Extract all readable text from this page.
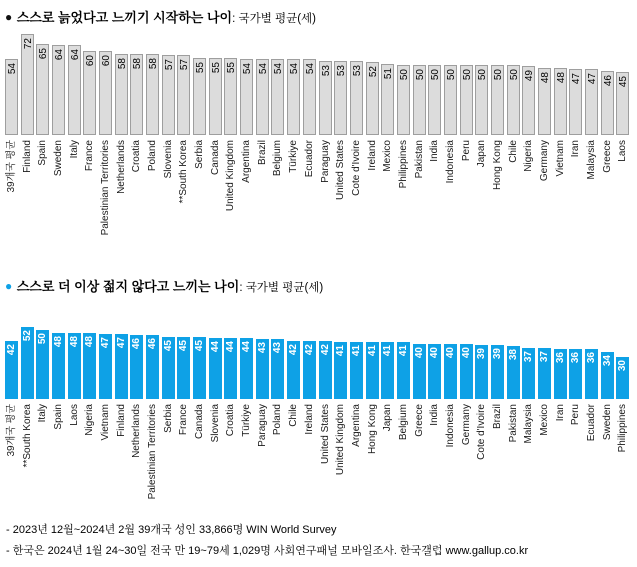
● 스스로 늙었다고 느끼기 시작하는 나이: 국가별 평균(세)
54
39개국 평균
72
Finland
65
Spain
64
Sweden
64
Italy
60
France
60
Palestinian Territories
58
Netherlands
58
Croatia
58
Poland
57
Slovenia
57
**South Korea
55
Serbia
55
Canada
55
United Kingdom
54
Argentina
54
Brazil
54
Belgium
54
Türkiye
54
Ecuador
53
Paraguay
53
United States
53
Cote d'Ivoire
52
Ireland
51
Mexico
50
Philippines
50
Pakistan
50
India
50
Indonesia
50
Peru
50
Japan
50
Hong Kong
50
Chile
49
Nigeria
48
Germany
48
Vietnam
47
Iran
47
Malaysia
46
Greece
45
Laos
● 스스로 더 이상 젊지 않다고 느끼는 나이: 국가별 평균(세)
42
39개국 평균
52
**South Korea
50
Italy
48
Spain
48
Laos
48
Nigeria
47
Vietnam
47
Finland
46
Netherlands
46
Palestinian Territories
45
Serbia
45
France
45
Canada
44
Slovenia
44
Croatia
44
Türkiye
43
Paraguay
43
Poland
42
Chile
42
Ireland
42
United States
41
United Kingdom
41
Argentina
41
Hong Kong
41
Japan
41
Belgium
40
Greece
40
India
40
Indonesia
40
Germany
39
Cote d'Ivoire
39
Brazil
38
Pakistan
37
Malaysia
37
Mexico
36
Iran
36
Peru
36
Ecuador
34
Sweden
30
Philippines
- 2023년 12월~2024년 2월 39개국 성인 33,866명 WIN World Survey
- 한국은 2024년 1월 24~30일 전국 만 19~79세 1,029명 사회연구패널 모바일조사. 한국갤럽 www.gallup.co.kr
